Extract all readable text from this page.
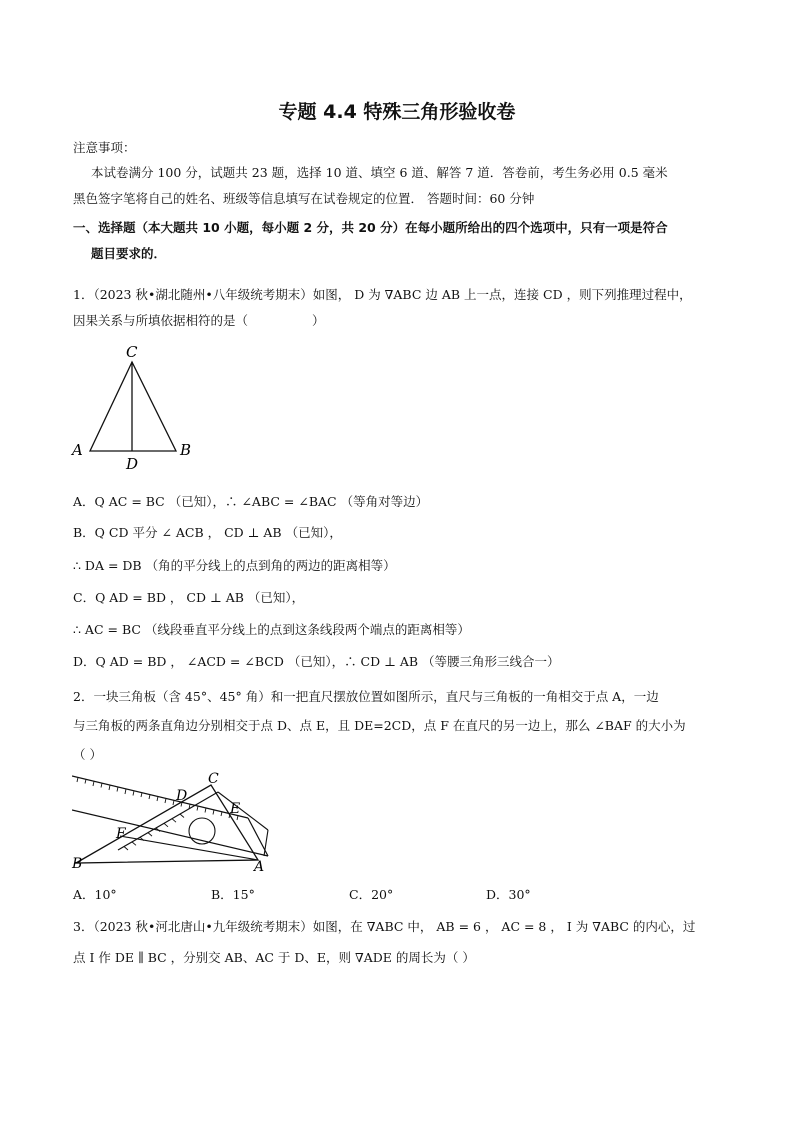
专题 4.4 特殊三角形验收卷
注意事项：
本试卷满分 100 分，试题共 23 题，选择 10 道、填空 6 道、解答 7 道．答卷前，考生务必用 0.5 毫米
黑色签字笔将自己的姓名、班级等信息填写在试卷规定的位置． 答题时间：60 分钟
一、选择题（本大题共 10 小题，每小题 2 分，共 20 分）在每小题所给出的四个选项中，只有一项是符合
题目要求的．
1．（2023 秋•湖北随州•八年级统考期末）如图， D 为 ∇ABC 边 AB 上一点，连接 CD ，则下列推理过程中，
因果关系与所填依据相符的是（	）
C
A	B
D
A．Q AC = BC （已知），∴ ∠ABC = ∠BAC （等角对等边）
B．Q CD 平分 ∠ ACB ， CD ⊥ AB （已知），
∴ DA = DB （角的平分线上的点到角的两边的距离相等）
C．Q AD = BD ， CD ⊥ AB （已知），
∴ AC = BC （线段垂直平分线上的点到这条线段两个端点的距离相等）
D．Q AD = BD ， ∠ACD = ∠BCD （已知），∴ CD ⊥ AB （等腰三角形三线合一）
2．一块三角板（含 45°、45° 角）和一把直尺摆放位置如图所示，直尺与三角板的一角相交于点 A，一边
与三角板的两条直角边分别相交于点 D、点 E，且 DE=2CD，点 F 在直尺的另一边上，那么 ∠BAF 的大小为
（ ）
C
D
E
F
B	A
A．10°	B．15°	C．20°	D．30°
3．（2023 秋•河北唐山•九年级统考期末）如图，在 ∇ABC 中， AB = 6 ， AC = 8 ， I 为 ∇ABC 的内心，过
点 I 作 DE ∥ BC ，分别交 AB、AC 于 D、E，则 ∇ADE 的周长为（ ）
